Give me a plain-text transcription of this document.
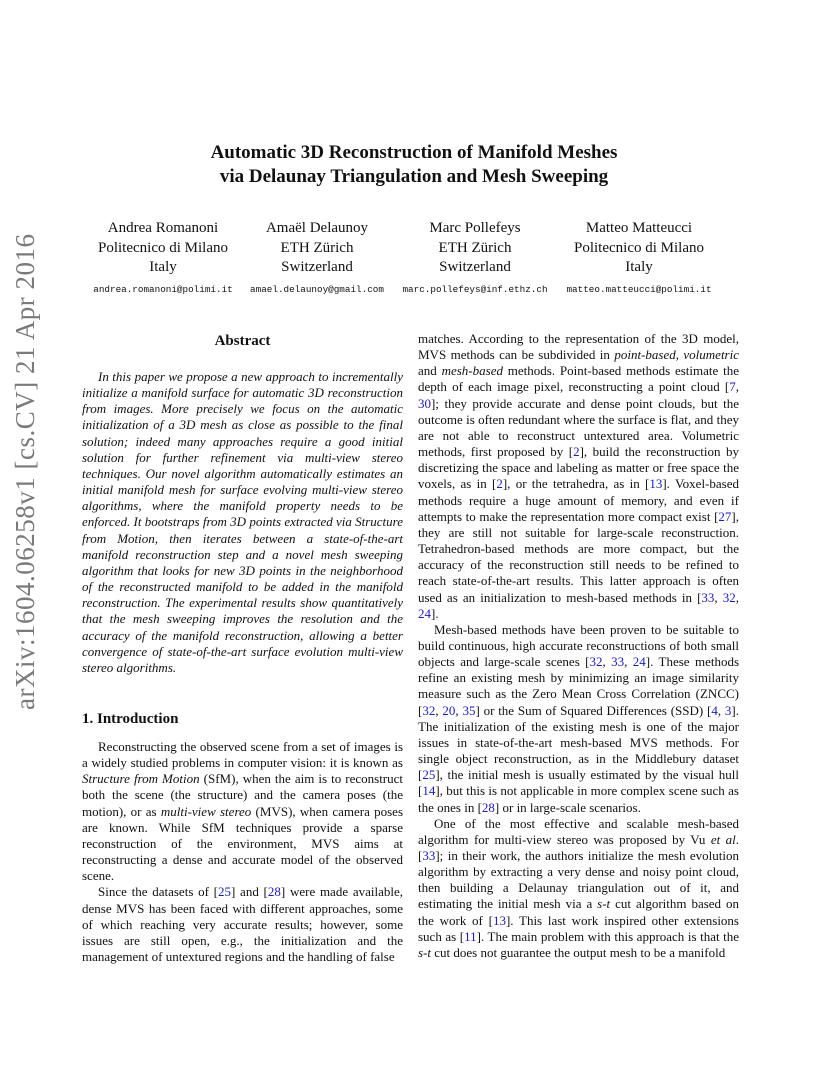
arXiv:1604.06258v1 [cs.CV] 21 Apr 2016
Automatic 3D Reconstruction of Manifold Meshes
via Delaunay Triangulation and Mesh Sweeping
Andrea Romanoni
Politecnico di Milano
Italy
andrea.romanoni@polimi.it
Amaël Delaunoy
ETH Zürich
Switzerland
amael.delaunoy@gmail.com
Marc Pollefeys
ETH Zürich
Switzerland
marc.pollefeys@inf.ethz.ch
Matteo Matteucci
Politecnico di Milano
Italy
matteo.matteucci@polimi.it
Abstract

In this paper we propose a new approach to incrementally initialize a manifold surface for automatic 3D reconstruction from images. More precisely we focus on the automatic initialization of a 3D mesh as close as possible to the final solution; indeed many approaches require a good initial solution for further refinement via multi-view stereo techniques. Our novel algorithm automatically estimates an initial manifold mesh for surface evolving multi-view stereo algorithms, where the manifold property needs to be enforced. It bootstraps from 3D points extracted via Structure from Motion, then iterates between a state-of-the-art manifold reconstruction step and a novel mesh sweeping algorithm that looks for new 3D points in the neighborhood of the reconstructed manifold to be added in the manifold reconstruction. The experimental results show quantitatively that the mesh sweeping improves the resolution and the accuracy of the manifold reconstruction, allowing a better convergence of state-of-the-art surface evolution multi-view stereo algorithms.

1. Introduction

Reconstructing the observed scene from a set of images is a widely studied problems in computer vision: it is known as Structure from Motion (SfM), when the aim is to reconstruct both the scene (the structure) and the camera poses (the motion), or as multi-view stereo (MVS), when camera poses are known. While SfM techniques provide a sparse reconstruction of the environment, MVS aims at reconstructing a dense and accurate model of the observed scene.

Since the datasets of [25] and [28] were made available, dense MVS has been faced with different approaches, some of which reaching very accurate results; however, some issues are still open, e.g., the initialization and the management of untextured regions and the handling of false

matches. According to the representation of the 3D model, MVS methods can be subdivided in point-based, volumetric and mesh-based methods. Point-based methods estimate the depth of each image pixel, reconstructing a point cloud [7, 30]; they provide accurate and dense point clouds, but the outcome is often redundant where the surface is flat, and they are not able to reconstruct untextured area. Volumetric methods, first proposed by [2], build the reconstruction by discretizing the space and labeling as matter or free space the voxels, as in [2], or the tetrahedra, as in [13]. Voxel-based methods require a huge amount of memory, and even if attempts to make the representation more compact exist [27], they are still not suitable for large-scale reconstruction. Tetrahedron-based methods are more compact, but the accuracy of the reconstruction still needs to be refined to reach state-of-the-art results. This latter approach is often used as an initialization to mesh-based methods in [33, 32, 24].

Mesh-based methods have been proven to be suitable to build continuous, high accurate reconstructions of both small objects and large-scale scenes [32, 33, 24]. These methods refine an existing mesh by minimizing an image similarity measure such as the Zero Mean Cross Correlation (ZNCC) [32, 20, 35] or the Sum of Squared Differences (SSD) [4, 3]. The initialization of the existing mesh is one of the major issues in state-of-the-art mesh-based MVS methods. For single object reconstruction, as in the Middlebury dataset [25], the initial mesh is usually estimated by the visual hull [14], but this is not applicable in more complex scene such as the ones in [28] or in large-scale scenarios.

One of the most effective and scalable mesh-based algorithm for multi-view stereo was proposed by Vu et al. [33]; in their work, the authors initialize the mesh evolution algorithm by extracting a very dense and noisy point cloud, then building a Delaunay triangulation out of it, and estimating the initial mesh via a s-t cut algorithm based on the work of [13]. This last work inspired other extensions such as [11]. The main problem with this approach is that the s-t cut does not guarantee the output mesh to be a manifold
